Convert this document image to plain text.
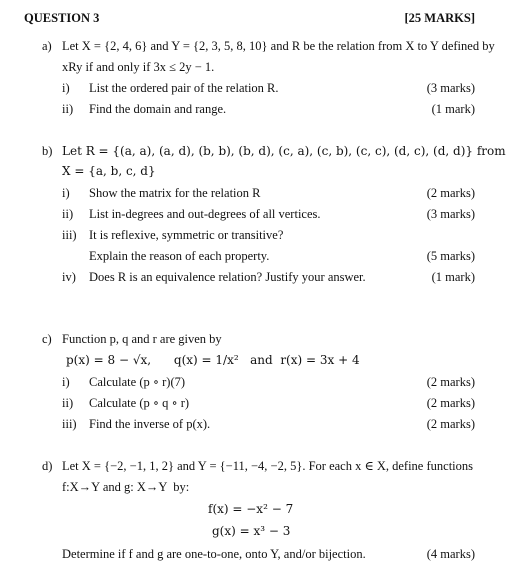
QUESTION 3	[25 MARKS]
a) Let X = {2, 4, 6} and Y = {2, 3, 5, 8, 10} and R be the relation from X to Y defined by
xRy if and only if 3x ≤ 2y − 1.
i) List the ordered pair of the relation R.	(3 marks)
ii) Find the domain and range.	(1 mark)
b) Let R = {(a, a), (a, d), (b, b), (b, d), (c, a), (c, b), (c, c), (d, c), (d, d)} from
X = {a, b, c, d}
i) Show the matrix for the relation R	(2 marks)
ii) List in-degrees and out-degrees of all vertices.	(3 marks)
iii) It is reflexive, symmetric or transitive?
Explain the reason of each property.	(5 marks)
iv) Does R is an equivalence relation? Justify your answer.	(1 mark)
c) Function p, q and r are given by
p(x) = 8 − √x,      q(x) = 1/x²   and  r(x) = 3x + 4
i) Calculate (p ∘ r)(7)	(2 marks)
ii) Calculate (p ∘ q ∘ r)	(2 marks)
iii) Find the inverse of p(x).	(2 marks)
d) Let X = {−2, −1, 1, 2} and Y = {−11, −4, −2, 5}. For each x ∈ X, define functions
f:X→Y and g: X→Y  by:
f(x) = −x² − 7
g(x) = x³ − 3
Determine if f and g are one-to-one, onto Y, and/or bijection.	(4 marks)
